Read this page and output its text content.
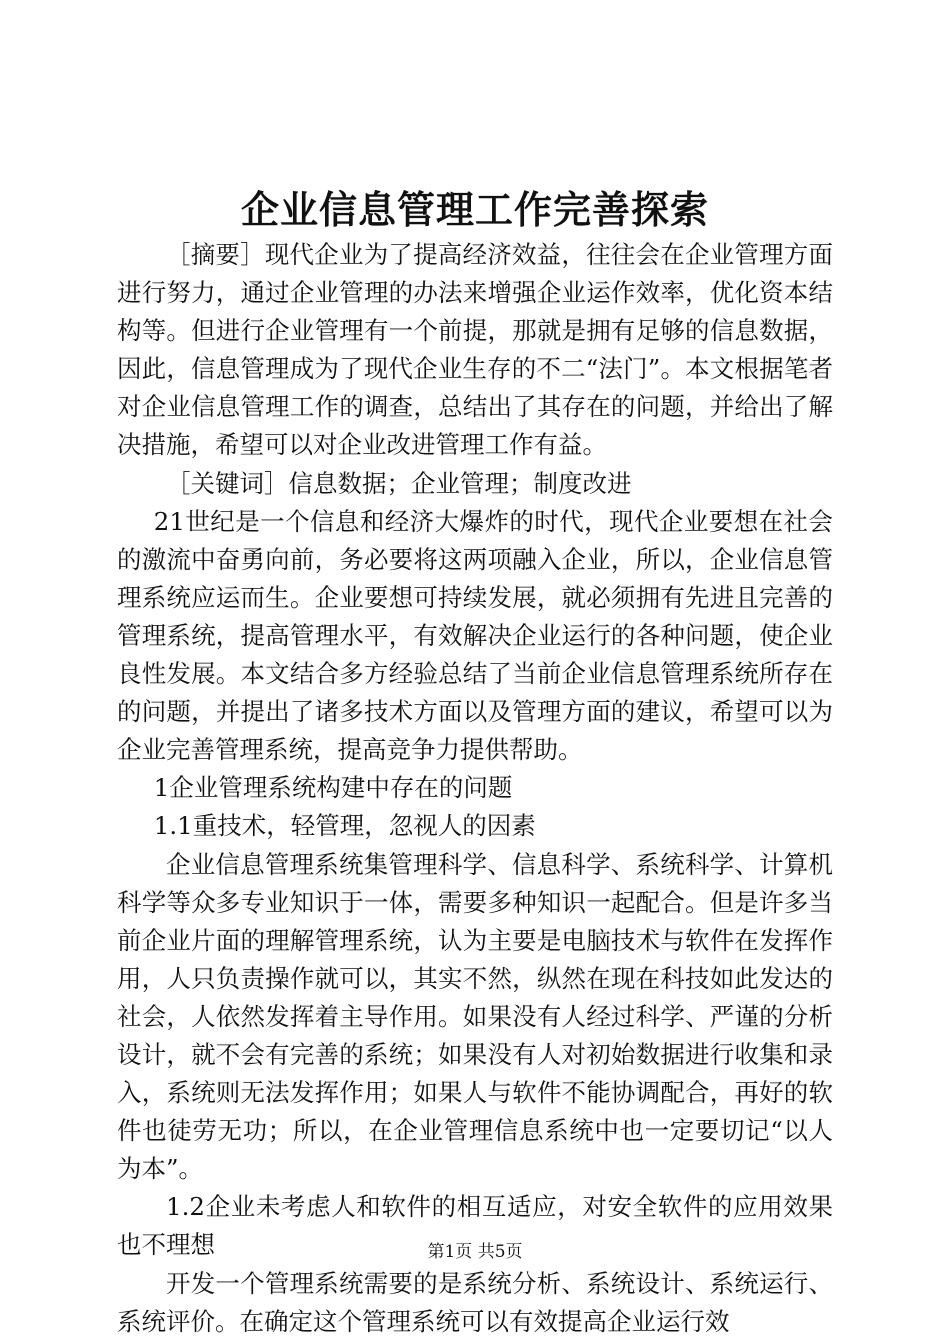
企业信息管理工作完善探索

［摘要］现代企业为了提高经济效益，往往会在企业管理方面进行努力，通过企业管理的办法来增强企业运作效率，优化资本结构等。但进行企业管理有一个前提，那就是拥有足够的信息数据，因此，信息管理成为了现代企业生存的不二“法门”。本文根据笔者对企业信息管理工作的调查，总结出了其存在的问题，并给出了解决措施，希望可以对企业改进管理工作有益。

［关键词］信息数据；企业管理；制度改进

21世纪是一个信息和经济大爆炸的时代，现代企业要想在社会的激流中奋勇向前，务必要将这两项融入企业，所以，企业信息管理系统应运而生。企业要想可持续发展，就必须拥有先进且完善的管理系统，提高管理水平，有效解决企业运行的各种问题，使企业良性发展。本文结合多方经验总结了当前企业信息管理系统所存在的问题，并提出了诸多技术方面以及管理方面的建议，希望可以为企业完善管理系统，提高竞争力提供帮助。

1企业管理系统构建中存在的问题

1.1重技术，轻管理，忽视人的因素

企业信息管理系统集管理科学、信息科学、系统科学、计算机科学等众多专业知识于一体，需要多种知识一起配合。但是许多当前企业片面的理解管理系统，认为主要是电脑技术与软件在发挥作用，人只负责操作就可以，其实不然，纵然在现在科技如此发达的社会，人依然发挥着主导作用。如果没有人经过科学、严谨的分析设计，就不会有完善的系统；如果没有人对初始数据进行收集和录入，系统则无法发挥作用；如果人与软件不能协调配合，再好的软件也徒劳无功；所以，在企业管理信息系统中也一定要切记“以人为本”。

1.2企业未考虑人和软件的相互适应，对安全软件的应用效果也不理想

开发一个管理系统需要的是系统分析、系统设计、系统运行、系统评价。在确定这个管理系统可以有效提高企业运行效

第1页 共5页
